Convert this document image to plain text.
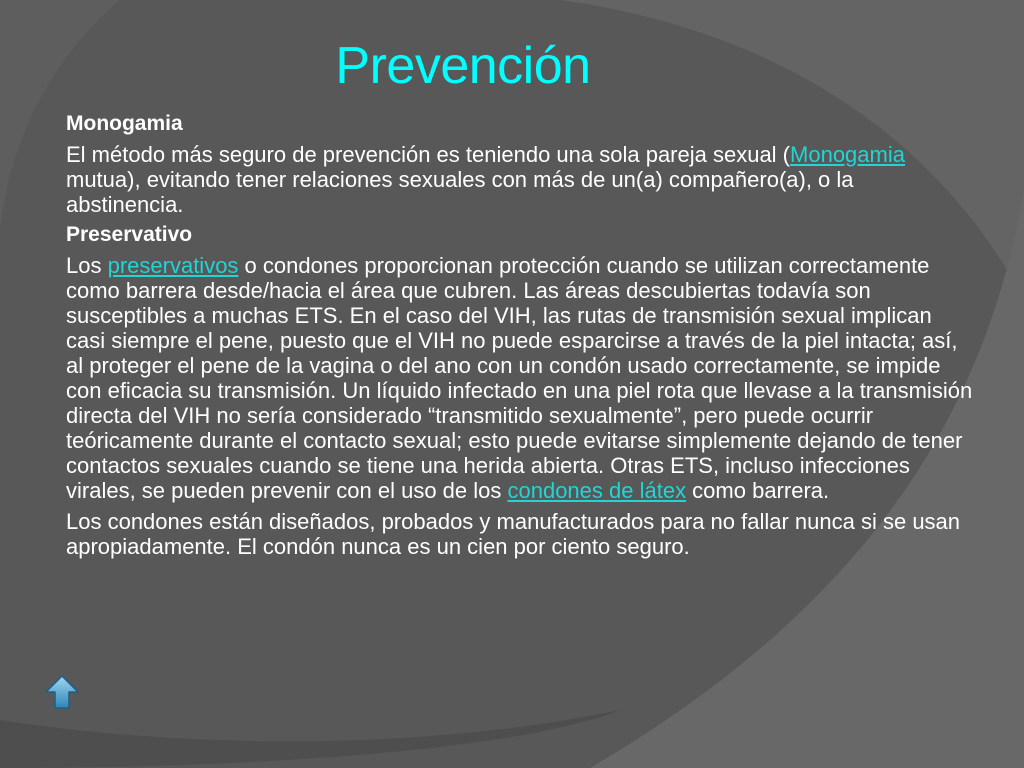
Prevención

Monogamia

El método más seguro de prevención es teniendo una sola pareja sexual (Monogamia mutua), evitando tener relaciones sexuales con más de un(a) compañero(a), o la abstinencia.

Preservativo

Los preservativos o condones proporcionan protección cuando se utilizan correctamente como barrera desde/hacia el área que cubren. Las áreas descubiertas todavía son susceptibles a muchas ETS. En el caso del VIH, las rutas de transmisión sexual implican casi siempre el pene, puesto que el VIH no puede esparcirse a través de la piel intacta; así, al proteger el pene de la vagina o del ano con un condón usado correctamente, se impide con eficacia su transmisión. Un líquido infectado en una piel rota que llevase a la transmisión directa del VIH no sería considerado “transmitido sexualmente”, pero puede ocurrir teóricamente durante el contacto sexual; esto puede evitarse simplemente dejando de tener contactos sexuales cuando se tiene una herida abierta. Otras ETS, incluso infecciones virales, se pueden prevenir con el uso de los condones de látex como barrera.

Los condones están diseñados, probados y manufacturados para no fallar nunca si se usan apropiadamente. El condón nunca es un cien por ciento seguro.
